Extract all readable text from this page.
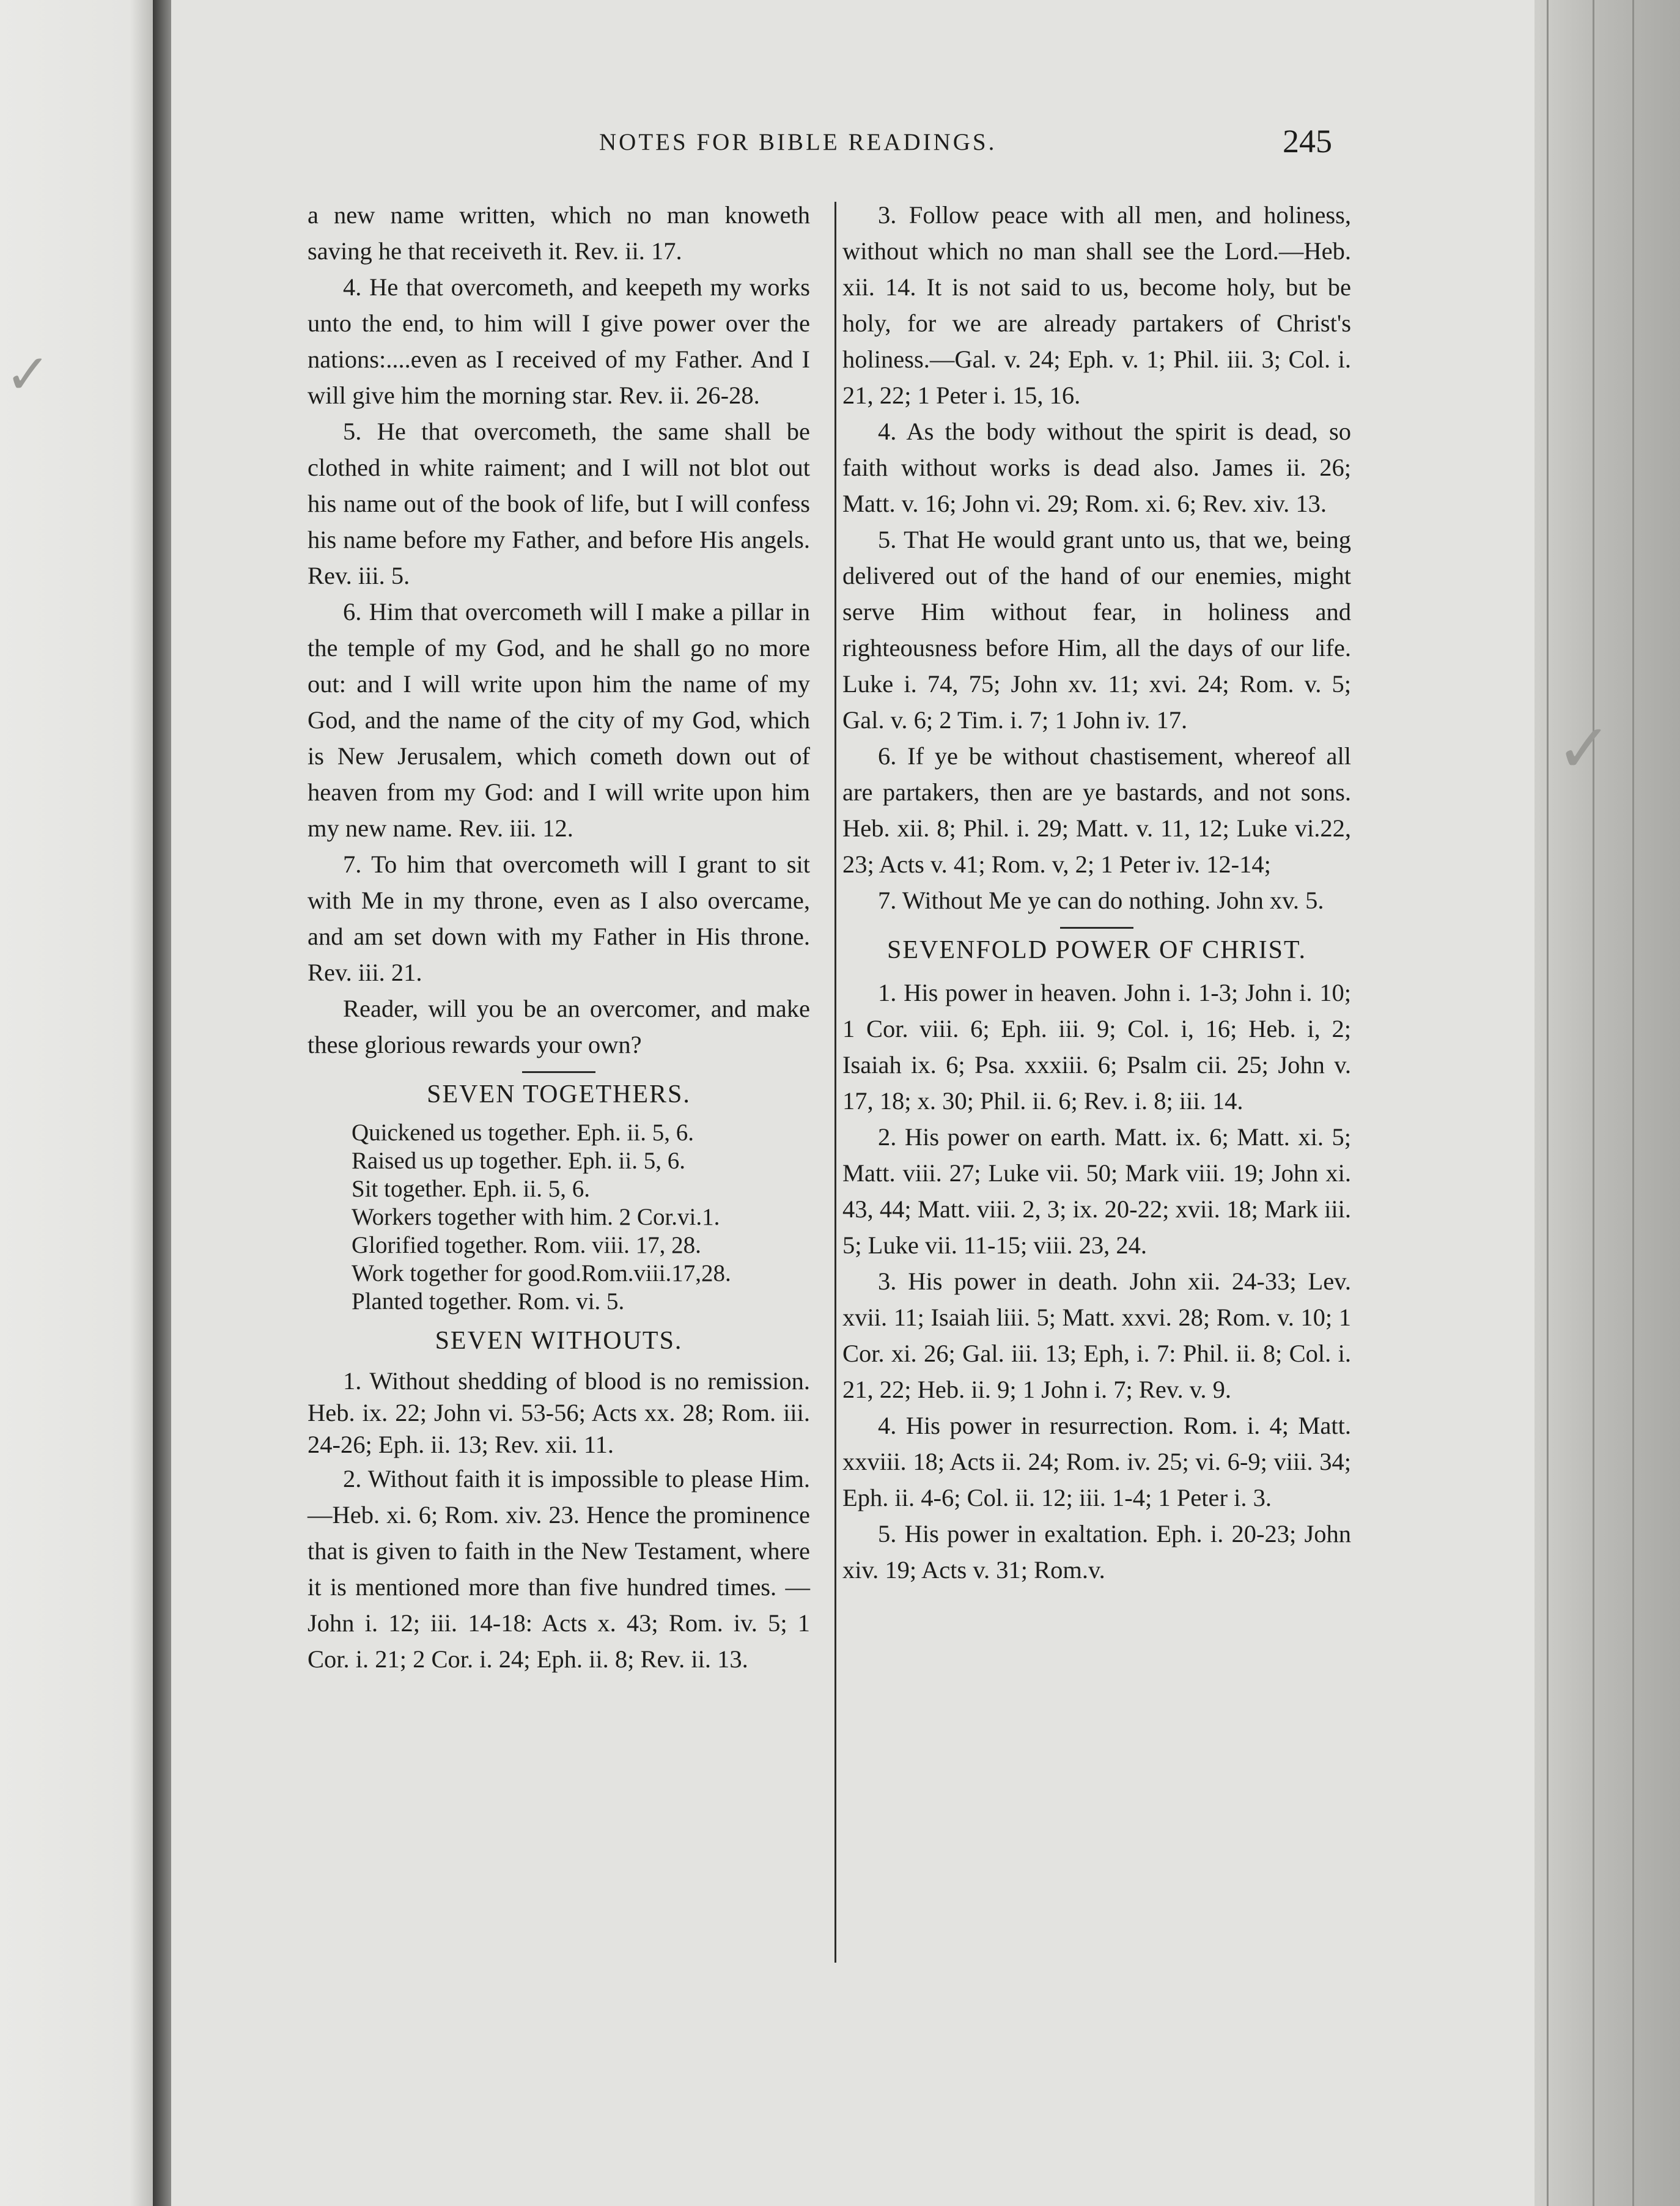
✓
✓
NOTES FOR BIBLE READINGS.	245

a new name written, which no man knoweth saving he that receiveth it. Rev. ii. 17.

4. He that overcometh, and keepeth my works unto the end, to him will I give power over the nations:....even as I received of my Father. And I will give him the morning star. Rev. ii. 26-28.

5. He that overcometh, the same shall be clothed in white raiment; and I will not blot out his name out of the book of life, but I will confess his name before my Father, and before His angels. Rev. iii. 5.

6. Him that overcometh will I make a pillar in the temple of my God, and he shall go no more out: and I will write upon him the name of my God, and the name of the city of my God, which is New Jerusalem, which cometh down out of heaven from my God: and I will write upon him my new name. Rev. iii. 12.

7. To him that overcometh will I grant to sit with Me in my throne, even as I also overcame, and am set down with my Father in His throne. Rev. iii. 21.

Reader, will you be an overcomer, and make these glorious rewards your own?

SEVEN TOGETHERS.
Quickened us together. Eph. ii. 5, 6.
Raised us up together. Eph. ii. 5, 6.
Sit together. Eph. ii. 5, 6.
Workers together with him. 2 Cor.vi.1.
Glorified together. Rom. viii. 17, 28.
Work together for good.Rom.viii.17,28.
Planted together. Rom. vi. 5.
SEVEN WITHOUTS.

1. Without shedding of blood is no remission. Heb. ix. 22; John vi. 53-56; Acts xx. 28; Rom. iii. 24-26; Eph. ii. 13; Rev. xii. 11.

2. Without faith it is impossible to please Him.—Heb. xi. 6; Rom. xiv. 23. Hence the prominence that is given to faith in the New Testament, where it is mentioned more than five hundred times. —John i. 12; iii. 14-18: Acts x. 43; Rom. iv. 5; 1 Cor. i. 21; 2 Cor. i. 24; Eph. ii. 8; Rev. ii. 13.

3. Follow peace with all men, and holiness, without which no man shall see the Lord.—Heb. xii. 14. It is not said to us, become holy, but be holy, for we are already partakers of Christ's holiness.—Gal. v. 24; Eph. v. 1; Phil. iii. 3; Col. i. 21, 22; 1 Peter i. 15, 16.

4. As the body without the spirit is dead, so faith without works is dead also. James ii. 26; Matt. v. 16; John vi. 29; Rom. xi. 6; Rev. xiv. 13.

5. That He would grant unto us, that we, being delivered out of the hand of our enemies, might serve Him without fear, in holiness and righteousness before Him, all the days of our life. Luke i. 74, 75; John xv. 11; xvi. 24; Rom. v. 5; Gal. v. 6; 2 Tim. i. 7; 1 John iv. 17.

6. If ye be without chastisement, whereof all are partakers, then are ye bastards, and not sons. Heb. xii. 8; Phil. i. 29; Matt. v. 11, 12; Luke vi.22, 23; Acts v. 41; Rom. v, 2; 1 Peter iv. 12-14;

7. Without Me ye can do nothing. John xv. 5.

SEVENFOLD POWER OF CHRIST.

1. His power in heaven. John i. 1-3; John i. 10; 1 Cor. viii. 6; Eph. iii. 9; Col. i, 16; Heb. i, 2; Isaiah ix. 6; Psa. xxxiii. 6; Psalm cii. 25; John v. 17, 18; x. 30; Phil. ii. 6; Rev. i. 8; iii. 14.

2. His power on earth. Matt. ix. 6; Matt. xi. 5; Matt. viii. 27; Luke vii. 50; Mark viii. 19; John xi. 43, 44; Matt. viii. 2, 3; ix. 20-22; xvii. 18; Mark iii. 5; Luke vii. 11-15; viii. 23, 24.

3. His power in death. John xii. 24-33; Lev. xvii. 11; Isaiah liii. 5; Matt. xxvi. 28; Rom. v. 10; 1 Cor. xi. 26; Gal. iii. 13; Eph, i. 7: Phil. ii. 8; Col. i. 21, 22; Heb. ii. 9; 1 John i. 7; Rev. v. 9.

4. His power in resurrection. Rom. i. 4; Matt. xxviii. 18; Acts ii. 24; Rom. iv. 25; vi. 6-9; viii. 34; Eph. ii. 4-6; Col. ii. 12; iii. 1-4; 1 Peter i. 3.

5. His power in exaltation. Eph. i. 20-23; John xiv. 19; Acts v. 31; Rom.v.
